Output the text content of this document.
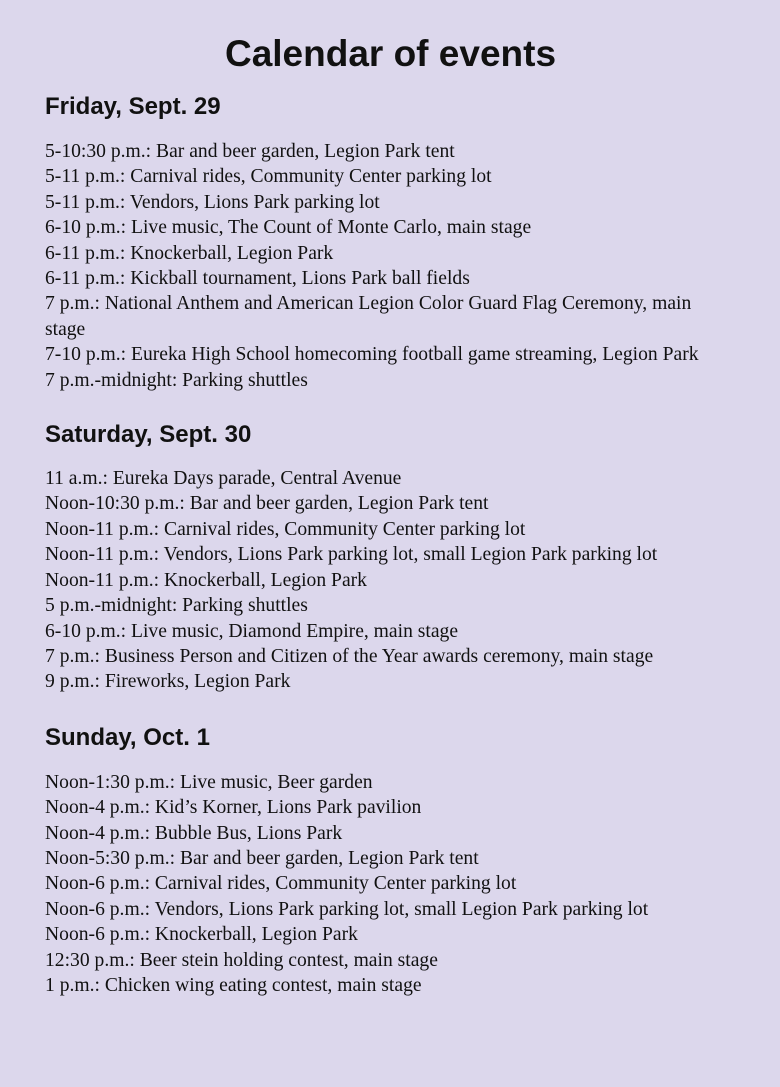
Calendar of events
Friday, Sept. 29
5-10:30 p.m.: Bar and beer garden, Legion Park tent
5-11 p.m.: Carnival rides, Community Center parking lot
5-11 p.m.: Vendors, Lions Park parking lot
6-10 p.m.: Live music, The Count of Monte Carlo, main stage
6-11 p.m.: Knockerball, Legion Park
6-11 p.m.: Kickball tournament, Lions Park ball fields
7 p.m.: National Anthem and American Legion Color Guard Flag Ceremony, main stage
7-10 p.m.: Eureka High School homecoming football game streaming, Legion Park
7 p.m.-midnight: Parking shuttles
Saturday, Sept. 30
11 a.m.: Eureka Days parade, Central Avenue
Noon-10:30 p.m.: Bar and beer garden, Legion Park tent
Noon-11 p.m.: Carnival rides, Community Center parking lot
Noon-11 p.m.: Vendors, Lions Park parking lot, small Legion Park parking lot
Noon-11 p.m.: Knockerball, Legion Park
5 p.m.-midnight: Parking shuttles
6-10 p.m.: Live music, Diamond Empire, main stage
7 p.m.: Business Person and Citizen of the Year awards ceremony, main stage
9 p.m.: Fireworks, Legion Park
Sunday, Oct. 1
Noon-1:30 p.m.: Live music, Beer garden
Noon-4 p.m.: Kid’s Korner, Lions Park pavilion
Noon-4 p.m.: Bubble Bus, Lions Park
Noon-5:30 p.m.: Bar and beer garden, Legion Park tent
Noon-6 p.m.: Carnival rides, Community Center parking lot
Noon-6 p.m.: Vendors, Lions Park parking lot, small Legion Park parking lot
Noon-6 p.m.: Knockerball, Legion Park
12:30 p.m.: Beer stein holding contest, main stage
1 p.m.: Chicken wing eating contest, main stage
